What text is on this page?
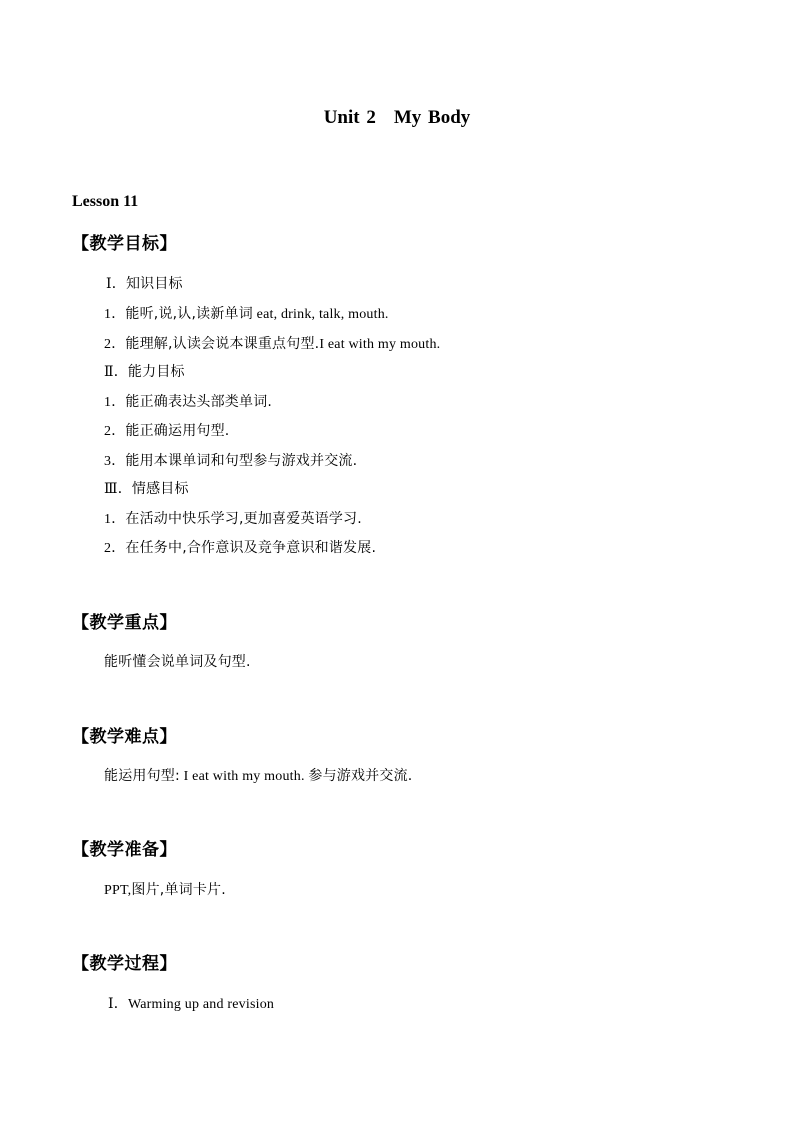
Unit 2 My Body
Lesson 11
【教学目标】
Ⅰ．知识目标
1．能听,说,认,读新单词 eat, drink, talk, mouth.
2．能理解,认读会说本课重点句型.I eat with my mouth.
Ⅱ．能力目标
1．能正确表达头部类单词.
2．能正确运用句型.
3．能用本课单词和句型参与游戏并交流.
Ⅲ．情感目标
1．在活动中快乐学习,更加喜爱英语学习.
2．在任务中,合作意识及竞争意识和谐发展.
【教学重点】
能听懂会说单词及句型.
【教学难点】
能运用句型: I eat with my mouth. 参与游戏并交流.
【教学准备】
PPT,图片,单词卡片.
【教学过程】
Ⅰ．Warming up and revision
